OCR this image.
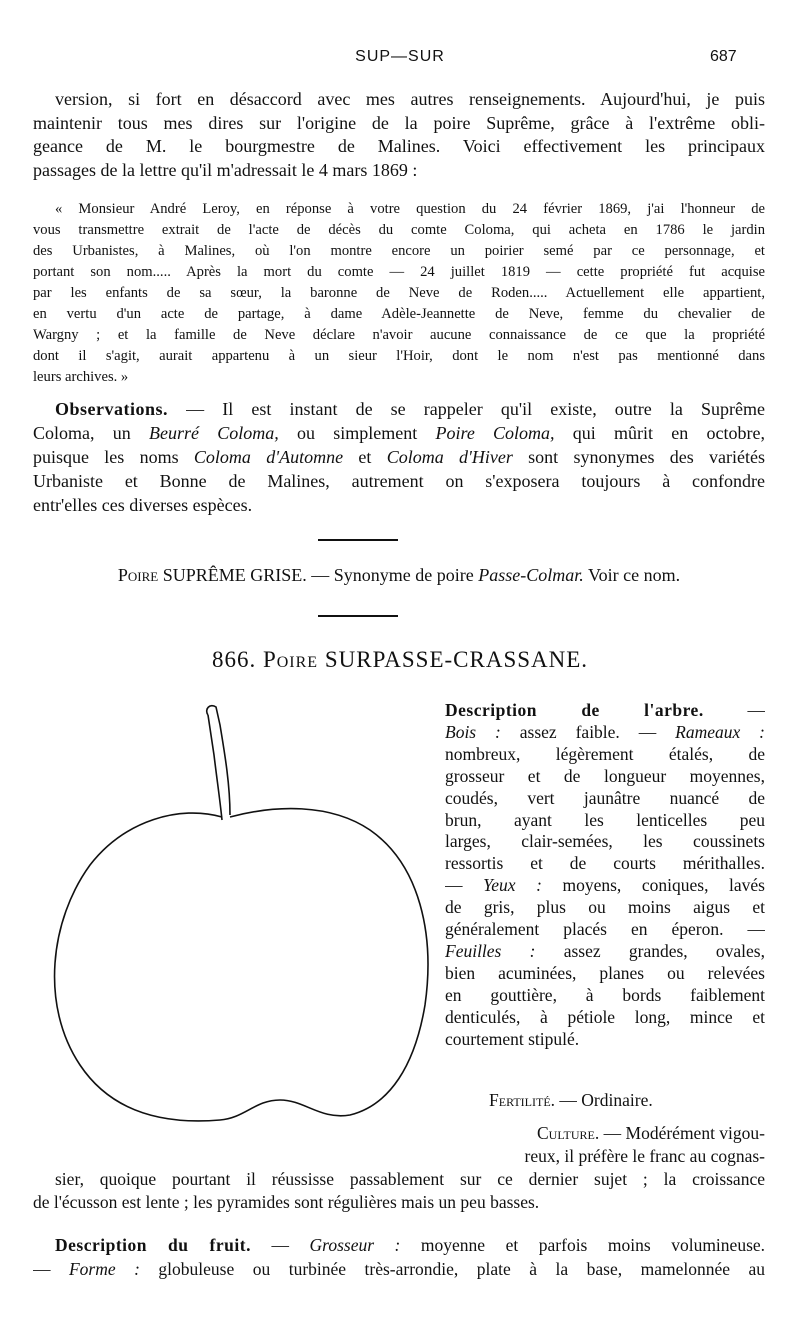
SUP—SUR	687
version, si fort en désaccord avec mes autres renseignements. Aujourd'hui, je puis
maintenir tous mes dires sur l'origine de la poire Suprême, grâce à l'extrême obli-
geance de M. le bourgmestre de Malines. Voici effectivement les principaux
passages de la lettre qu'il m'adressait le 4 mars 1869 :
« Monsieur André Leroy, en réponse à votre question du 24 février 1869, j'ai l'honneur de
vous transmettre extrait de l'acte de décès du comte Coloma, qui acheta en 1786 le jardin
des Urbanistes, à Malines, où l'on montre encore un poirier semé par ce personnage, et
portant son nom..... Après la mort du comte — 24 juillet 1819 — cette propriété fut acquise
par les enfants de sa sœur, la baronne de Neve de Roden..... Actuellement elle appartient,
en vertu d'un acte de partage, à dame Adèle-Jeannette de Neve, femme du chevalier de
Wargny ; et la famille de Neve déclare n'avoir aucune connaissance de ce que la propriété
dont il s'agit, aurait appartenu à un sieur l'Hoir, dont le nom n'est pas mentionné dans
leurs archives. »
Observations. — Il est instant de se rappeler qu'il existe, outre la Suprême
Coloma, un Beurré Coloma, ou simplement Poire Coloma, qui mûrit en octobre,
puisque les noms Coloma d'Automne et Coloma d'Hiver sont synonymes des variétés
Urbaniste et Bonne de Malines, autrement on s'exposera toujours à confondre
entr'elles ces diverses espèces.
Poire SUPRÊME GRISE. — Synonyme de poire Passe-Colmar. Voir ce nom.
866. Poire SURPASSE-CRASSANE.
Description de l'arbre. —
Bois : assez faible. — Rameaux :
nombreux, légèrement étalés, de
grosseur et de longueur moyennes,
coudés, vert jaunâtre nuancé de
brun, ayant les lenticelles peu
larges, clair-semées, les coussinets
ressortis et de courts mérithalles.
— Yeux : moyens, coniques, lavés
de gris, plus ou moins aigus et
généralement placés en éperon. —
Feuilles : assez grandes, ovales,
bien acuminées, planes ou relevées
en gouttière, à bords faiblement
denticulés, à pétiole long, mince et
courtement stipulé.
Fertilité. — Ordinaire.
Culture. — Modérément vigou-
reux, il préfère le franc au cognas-
sier, quoique pourtant il réussisse passablement sur ce dernier sujet ; la croissance
de l'écusson est lente ; les pyramides sont régulières mais un peu basses.
Description du fruit. — Grosseur : moyenne et parfois moins volumineuse.
— Forme : globuleuse ou turbinée très-arrondie, plate à la base, mamelonnée au
